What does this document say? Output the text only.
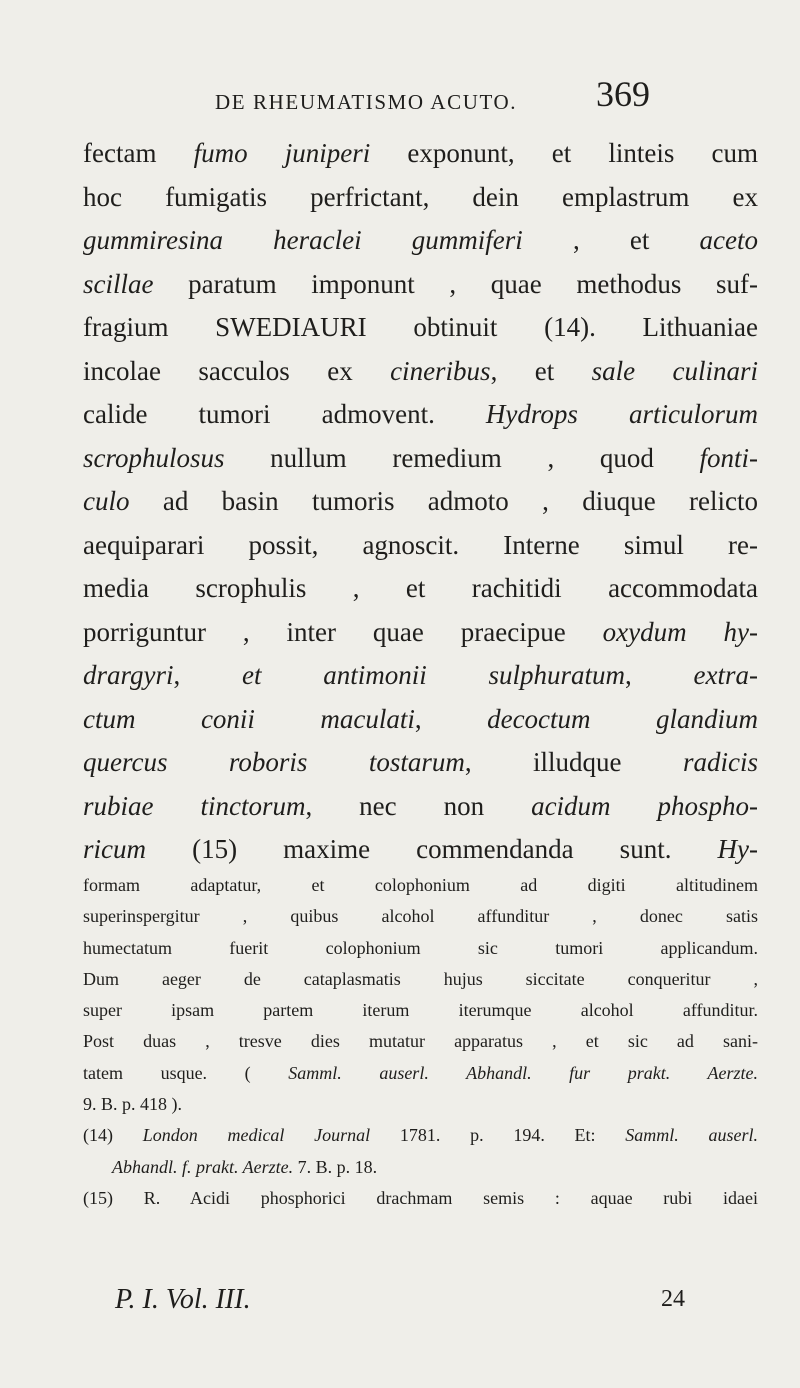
DE RHEUMATISMO ACUTO. 369
fectam fumo juniperi exponunt, et linteis cum
hoc fumigatis perfrictant, dein emplastrum ex
gummiresina heraclei gummiferi , et aceto
scillae paratum imponunt , quae methodus suf-
fragium SWEDIAURI obtinuit (14). Lithuaniae
incolae sacculos ex cineribus, et sale culinari
calide tumori admovent. Hydrops articulorum
scrophulosus nullum remedium , quod fonti-
culo ad basin tumoris admoto , diuque relicto
aequiparari possit, agnoscit. Interne simul re-
media scrophulis , et rachitidi accommodata
porriguntur , inter quae praecipue oxydum hy-
drargyri, et antimonii sulphuratum, extra-
ctum conii maculati, decoctum glandium
quercus roboris tostarum, illudque radicis
rubiae tinctorum, nec non acidum phospho-
ricum (15) maxime commendanda sunt. Hy-
formam adaptatur, et colophonium ad digiti altitudinem
superinspergitur , quibus alcohol affunditur , donec satis
humectatum fuerit colophonium sic tumori applicandum.
Dum aeger de cataplasmatis hujus siccitate conqueritur ,
super ipsam partem iterum iterumque alcohol affunditur.
Post duas , tresve dies mutatur apparatus , et sic ad sani-
tatem usque. ( Samml. auserl. Abhandl. fur prakt. Aerzte.
9. B. p. 418 ).
(14) London medical Journal 1781. p. 194. Et: Samml. auserl.
Abhandl. f. prakt. Aerzte. 7. B. p. 18.
(15) R. Acidi phosphorici drachmam semis : aquae rubi idaei
P. I. Vol. III.	24
